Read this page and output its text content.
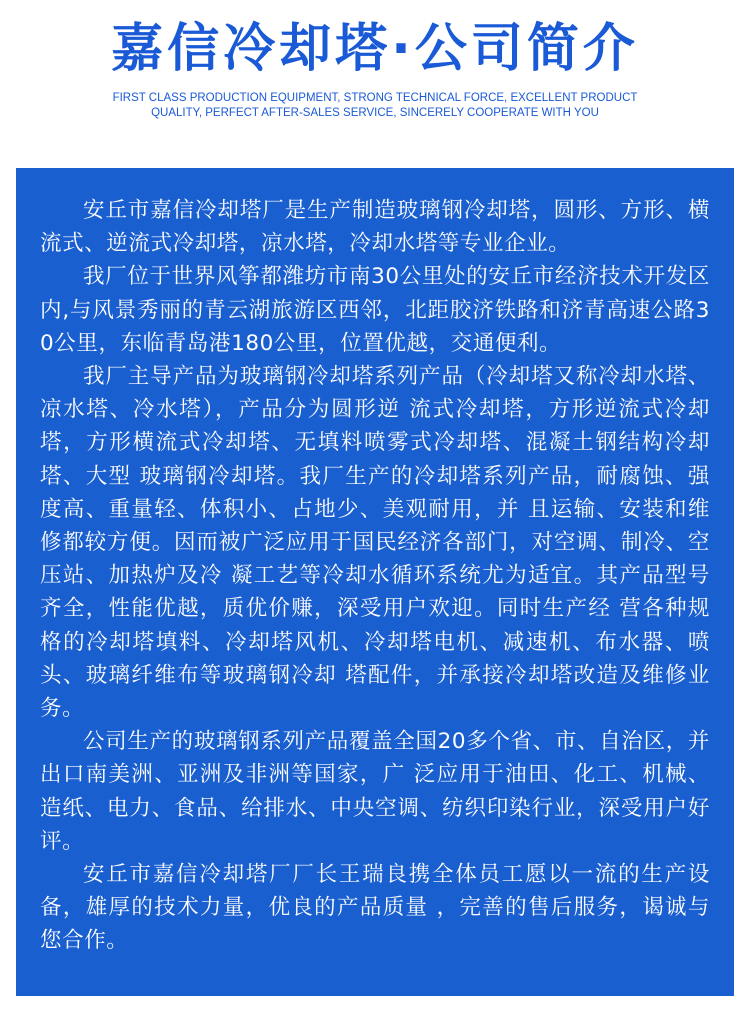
嘉信冷却塔·公司简介
FIRST CLASS PRODUCTION EQUIPMENT, STRONG TECHNICAL FORCE, EXCELLENT PRODUCT
QUALITY, PERFECT AFTER-SALES SERVICE, SINCERELY COOPERATE WITH YOU

安丘市嘉信冷却塔厂是生产制造玻璃钢冷却塔，圆形、方形、横流式、逆流式冷却塔，凉水塔，冷却水塔等专业企业。

我厂位于世界风筝都潍坊市南30公里处的安丘市经济技术开发区内,与风景秀丽的青云湖旅游区西邻，北距胶济铁路和济青高速公路30公里，东临青岛港180公里，位置优越，交通便利。

我厂主导产品为玻璃钢冷却塔系列产品（冷却塔又称冷却水塔、凉水塔、冷水塔），产品分为圆形逆 流式冷却塔，方形逆流式冷却塔，方形横流式冷却塔、无填料喷雾式冷却塔、混凝土钢结构冷却塔、大型 玻璃钢冷却塔。我厂生产的冷却塔系列产品，耐腐蚀、强度高、重量轻、体积小、占地少、美观耐用，并 且运输、安装和维修都较方便。因而被广泛应用于国民经济各部门，对空调、制冷、空压站、加热炉及冷 凝工艺等冷却水循环系统尤为适宜。其产品型号齐全，性能优越，质优价赚，深受用户欢迎。同时生产经 营各种规格的冷却塔填料、冷却塔风机、冷却塔电机、减速机、布水器、喷头、玻璃纤维布等玻璃钢冷却 塔配件，并承接冷却塔改造及维修业务。

公司生产的玻璃钢系列产品覆盖全国20多个省、市、自治区，并出口南美洲、亚洲及非洲等国家，广 泛应用于油田、化工、机械、造纸、电力、食品、给排水、中央空调、纺织印染行业，深受用户好评。

安丘市嘉信冷却塔厂厂长王瑞良携全体员工愿以一流的生产设备，雄厚的技术力量，优良的产品质量 ，完善的售后服务，谒诚与您合作。
